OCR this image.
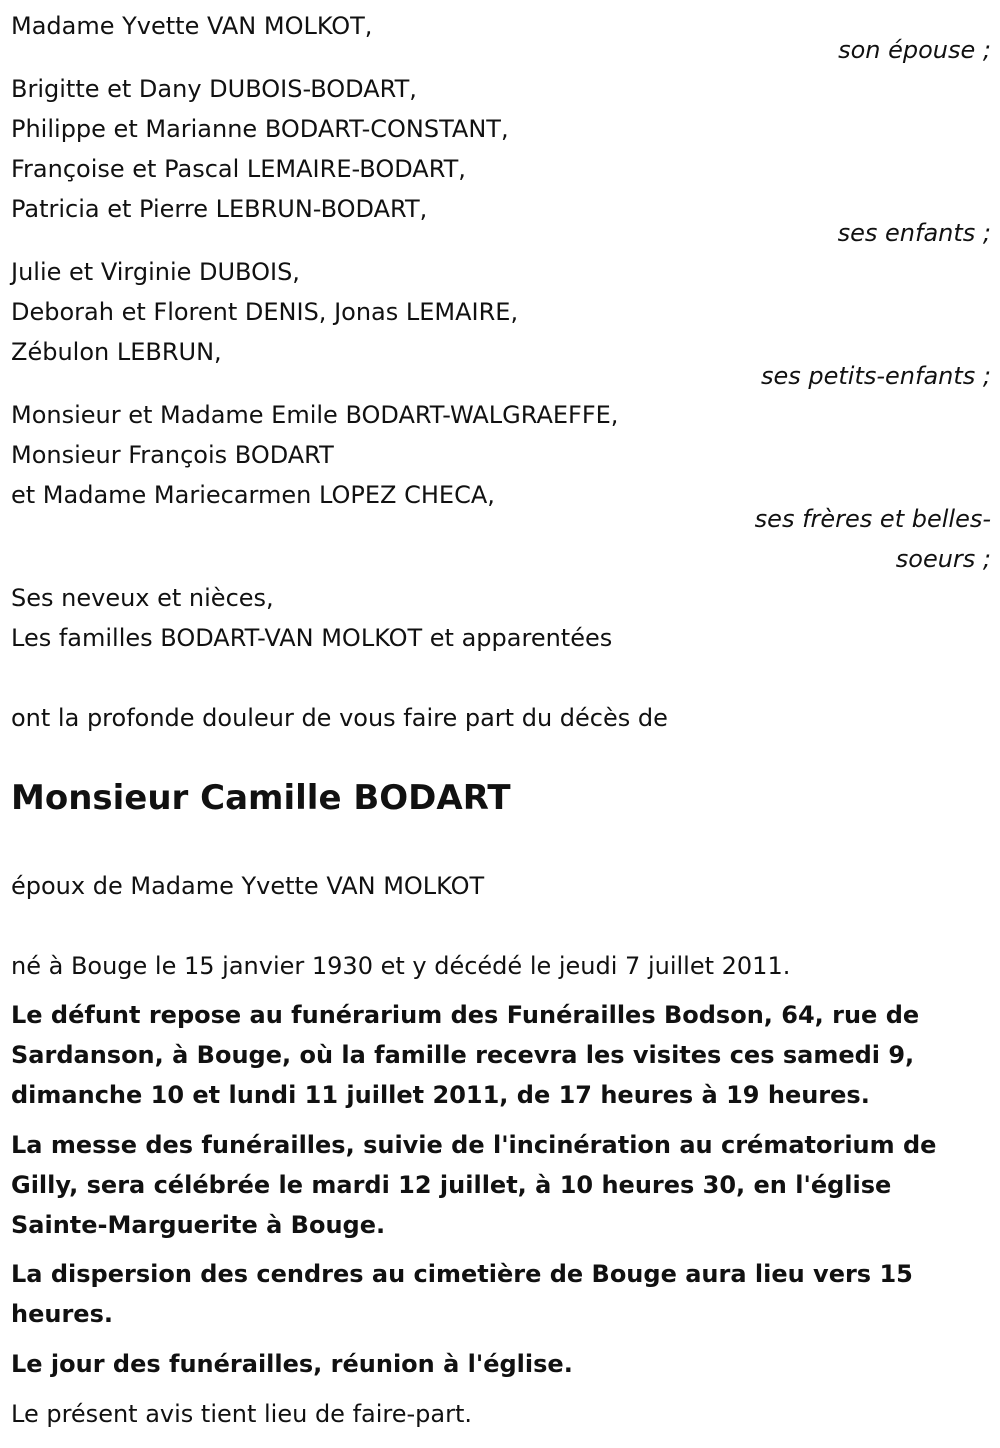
Madame Yvette VAN MOLKOT,
son épouse ;
Brigitte et Dany DUBOIS-BODART,
Philippe et Marianne BODART-CONSTANT,
Françoise et Pascal LEMAIRE-BODART,
Patricia et Pierre LEBRUN-BODART,
ses enfants ;
Julie et Virginie DUBOIS,
Deborah et Florent DENIS, Jonas LEMAIRE,
Zébulon LEBRUN,
ses petits-enfants ;
Monsieur et Madame Emile BODART-WALGRAEFFE,
Monsieur François BODART
et Madame Mariecarmen LOPEZ CHECA,
ses frères et belles-
soeurs ;
Ses neveux et nièces,
Les familles BODART-VAN MOLKOT et apparentées
ont la profonde douleur de vous faire part du décès de
Monsieur Camille BODART
époux de Madame Yvette VAN MOLKOT
né à Bouge le 15 janvier 1930 et y décédé le jeudi 7 juillet 2011.
Le défunt repose au funérarium des Funérailles Bodson, 64, rue de Sardanson, à Bouge, où la famille recevra les visites ces samedi 9, dimanche 10 et lundi 11 juillet 2011, de 17 heures à 19 heures.
La messe des funérailles, suivie de l'incinération au crématorium de Gilly, sera célébrée le mardi 12 juillet, à 10 heures 30, en l'église Sainte-Marguerite à Bouge.
La dispersion des cendres au cimetière de Bouge aura lieu vers 15 heures.
Le jour des funérailles, réunion à l'église.
Le présent avis tient lieu de faire-part.
